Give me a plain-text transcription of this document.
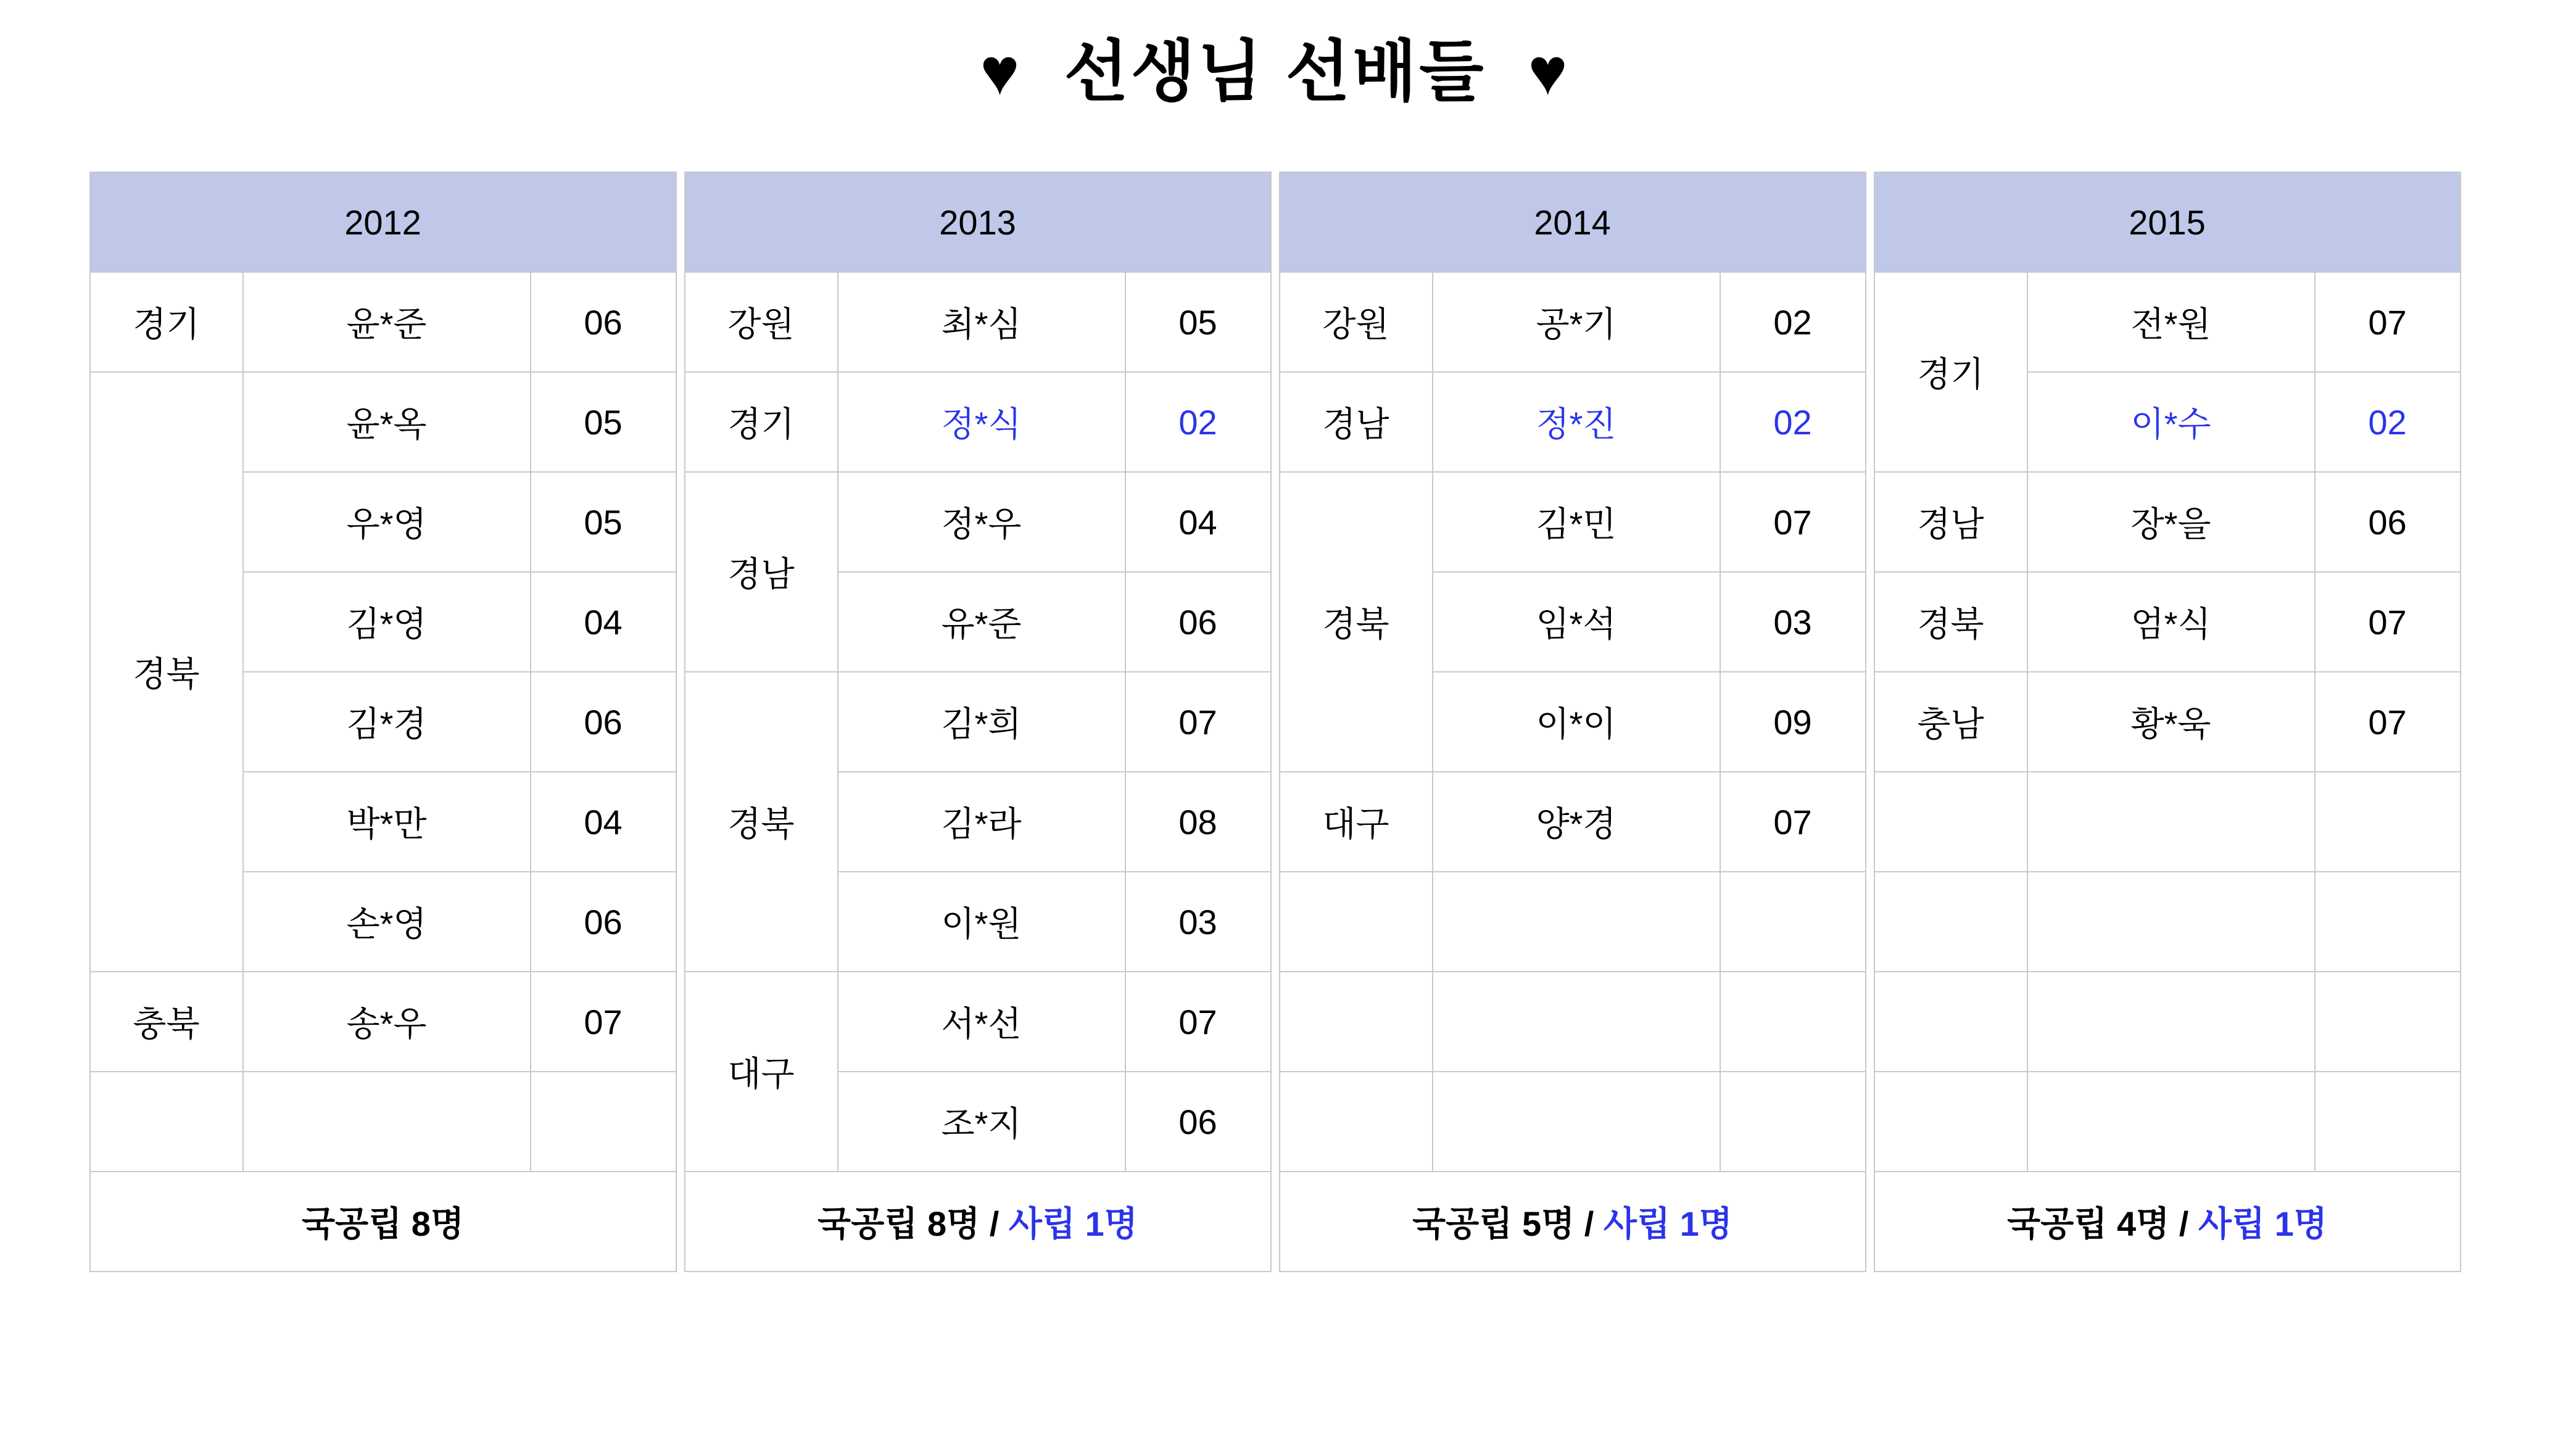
♥  선생님 선배들  ♥
2012		
경기	윤*준	06
경북	윤*옥	05
	우*영	05
	김*영	04
	김*경	06
	박*만	04
	손*영	06
충북	송*우	07

국공립 8명		
2013		
강원	최*심	05
경기	정*식	02
경남	정*우	04
	유*준	06
경북	김*희	07
	김*라	08
	이*원	03
대구	서*선	07
	조*지	06
국공립 8명 / 사립 1명		
2014		
강원	공*기	02
경남	정*진	02
경북	김*민	07
	임*석	03
	이*이	09
대구	양*경	07

국공립 5명 / 사립 1명		
2015		
경기	전*원	07
	이*수	02
경남	장*을	06
경북	엄*식	07
충남	황*욱	07

국공립 4명 / 사립 1명		
